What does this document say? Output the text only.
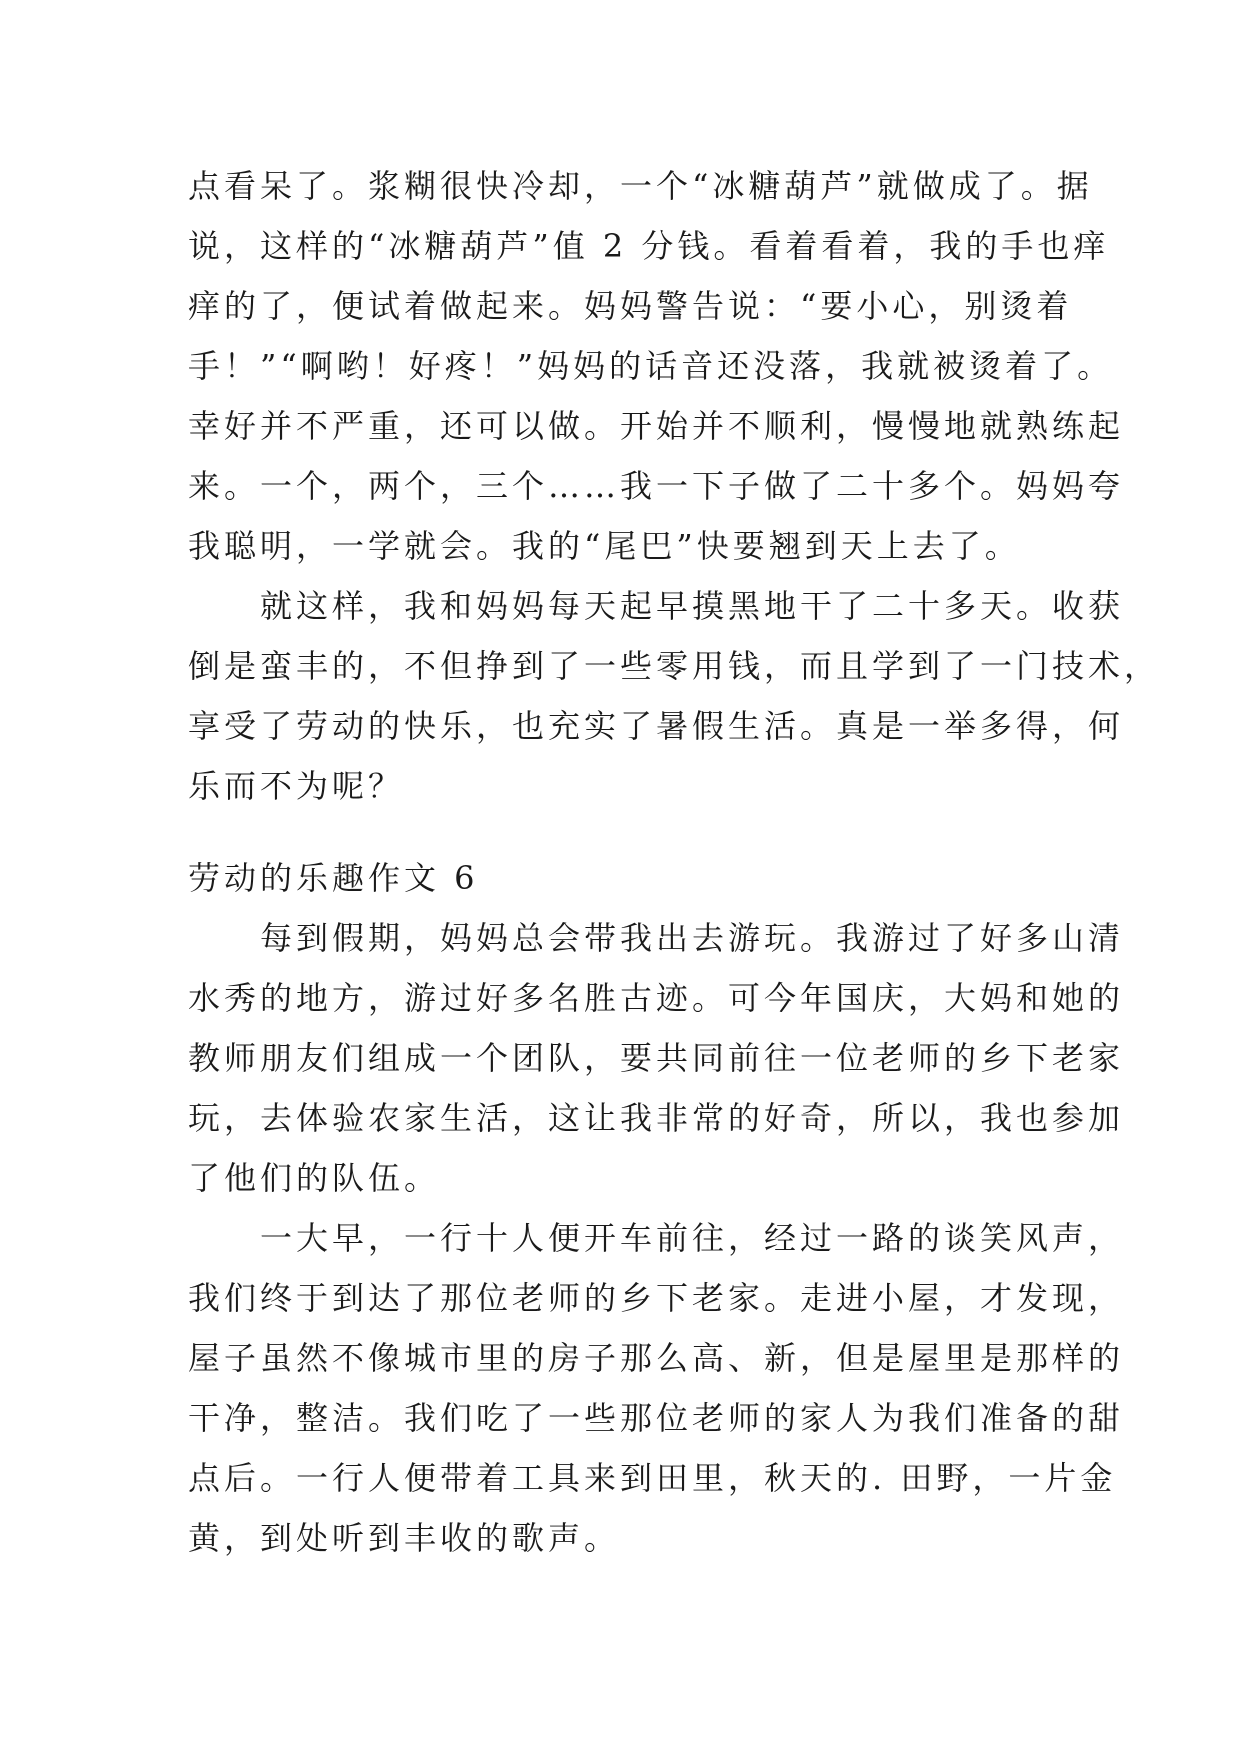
点看呆了。浆糊很快冷却，一个“冰糖葫芦”就做成了。据
说，这样的“冰糖葫芦”值 2 分钱。看着看着，我的手也痒
痒的了，便试着做起来。妈妈警告说：“要小心，别烫着
手！”“啊哟！好疼！”妈妈的话音还没落，我就被烫着了。
幸好并不严重，还可以做。开始并不顺利，慢慢地就熟练起
来。一个，两个，三个……我一下子做了二十多个。妈妈夸
我聪明，一学就会。我的“尾巴”快要翘到天上去了。
就这样，我和妈妈每天起早摸黑地干了二十多天。收获
倒是蛮丰的，不但挣到了一些零用钱，而且学到了一门技术，
享受了劳动的快乐，也充实了暑假生活。真是一举多得，何
乐而不为呢？
劳动的乐趣作文 6
每到假期，妈妈总会带我出去游玩。我游过了好多山清
水秀的地方，游过好多名胜古迹。可今年国庆，大妈和她的
教师朋友们组成一个团队，要共同前往一位老师的乡下老家
玩，去体验农家生活，这让我非常的好奇，所以，我也参加
了他们的队伍。
一大早，一行十人便开车前往，经过一路的谈笑风声，
我们终于到达了那位老师的乡下老家。走进小屋，才发现，
屋子虽然不像城市里的房子那么高、新，但是屋里是那样的
干净，整洁。我们吃了一些那位老师的家人为我们准备的甜
点后。一行人便带着工具来到田里，秋天的. 田野，一片金
黄，到处听到丰收的歌声。
